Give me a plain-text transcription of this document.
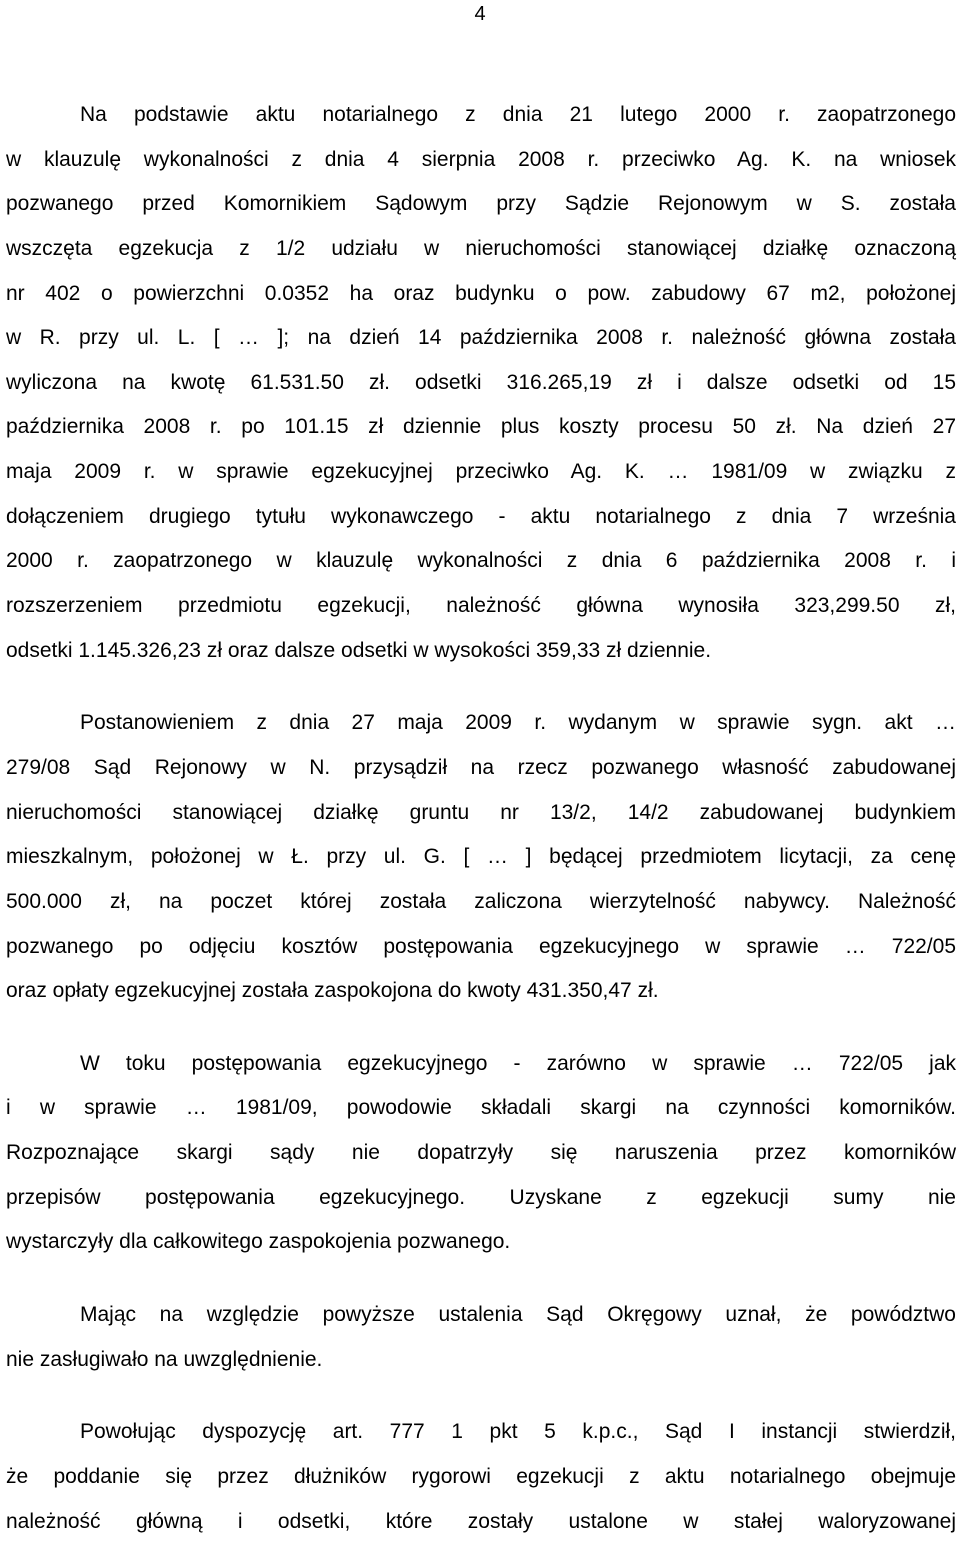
4
Na podstawie aktu notarialnego z dnia 21 lutego 2000 r. zaopatrzonego
w klauzulę wykonalności z dnia 4 sierpnia 2008 r. przeciwko Ag. K. na wniosek
pozwanego przed Komornikiem Sądowym przy Sądzie Rejonowym w S. została
wszczęta egzekucja z 1/2 udziału w nieruchomości stanowiącej działkę oznaczoną
nr 402 o powierzchni 0.0352 ha oraz budynku o pow. zabudowy 67 m2, położonej
w R. przy ul. L. [ … ]; na dzień 14 października 2008 r. należność główna została
wyliczona na kwotę 61.531.50 zł. odsetki 316.265,19 zł i dalsze odsetki od 15
października 2008 r. po 101.15 zł dziennie plus koszty procesu 50 zł. Na dzień 27
maja 2009 r. w sprawie egzekucyjnej przeciwko Ag. K. … 1981/09 w związku z
dołączeniem drugiego tytułu wykonawczego - aktu notarialnego z dnia 7 września
2000 r. zaopatrzonego w klauzulę wykonalności z dnia 6 października 2008 r. i
rozszerzeniem przedmiotu egzekucji, należność główna wynosiła 323,299.50 zł,
odsetki 1.145.326,23 zł oraz dalsze odsetki w wysokości 359,33 zł dziennie.
Postanowieniem z dnia 27 maja 2009 r. wydanym w sprawie sygn. akt …
279/08 Sąd Rejonowy w N. przysądził na rzecz pozwanego własność zabudowanej
nieruchomości stanowiącej działkę gruntu nr 13/2, 14/2 zabudowanej budynkiem
mieszkalnym, położonej w Ł. przy ul. G. [ … ] będącej przedmiotem licytacji, za cenę
500.000 zł, na poczet której została zaliczona wierzytelność nabywcy. Należność
pozwanego po odjęciu kosztów postępowania egzekucyjnego w sprawie … 722/05
oraz opłaty egzekucyjnej została zaspokojona do kwoty 431.350,47 zł.
W toku postępowania egzekucyjnego - zarówno w sprawie … 722/05 jak
i w sprawie … 1981/09, powodowie składali skargi na czynności komorników.
Rozpoznające skargi sądy nie dopatrzyły się naruszenia przez komorników
przepisów postępowania egzekucyjnego. Uzyskane z egzekucji sumy nie
wystarczyły dla całkowitego zaspokojenia pozwanego.
Mając na względzie powyższe ustalenia Sąd Okręgowy uznał, że powództwo
nie zasługiwało na uwzględnienie.
Powołując dyspozycję art. 777 1 pkt 5 k.p.c., Sąd I instancji stwierdził,
że poddanie się przez dłużników rygorowi egzekucji z aktu notarialnego obejmuje
należność główną i odsetki, które zostały ustalone w stałej waloryzowanej
